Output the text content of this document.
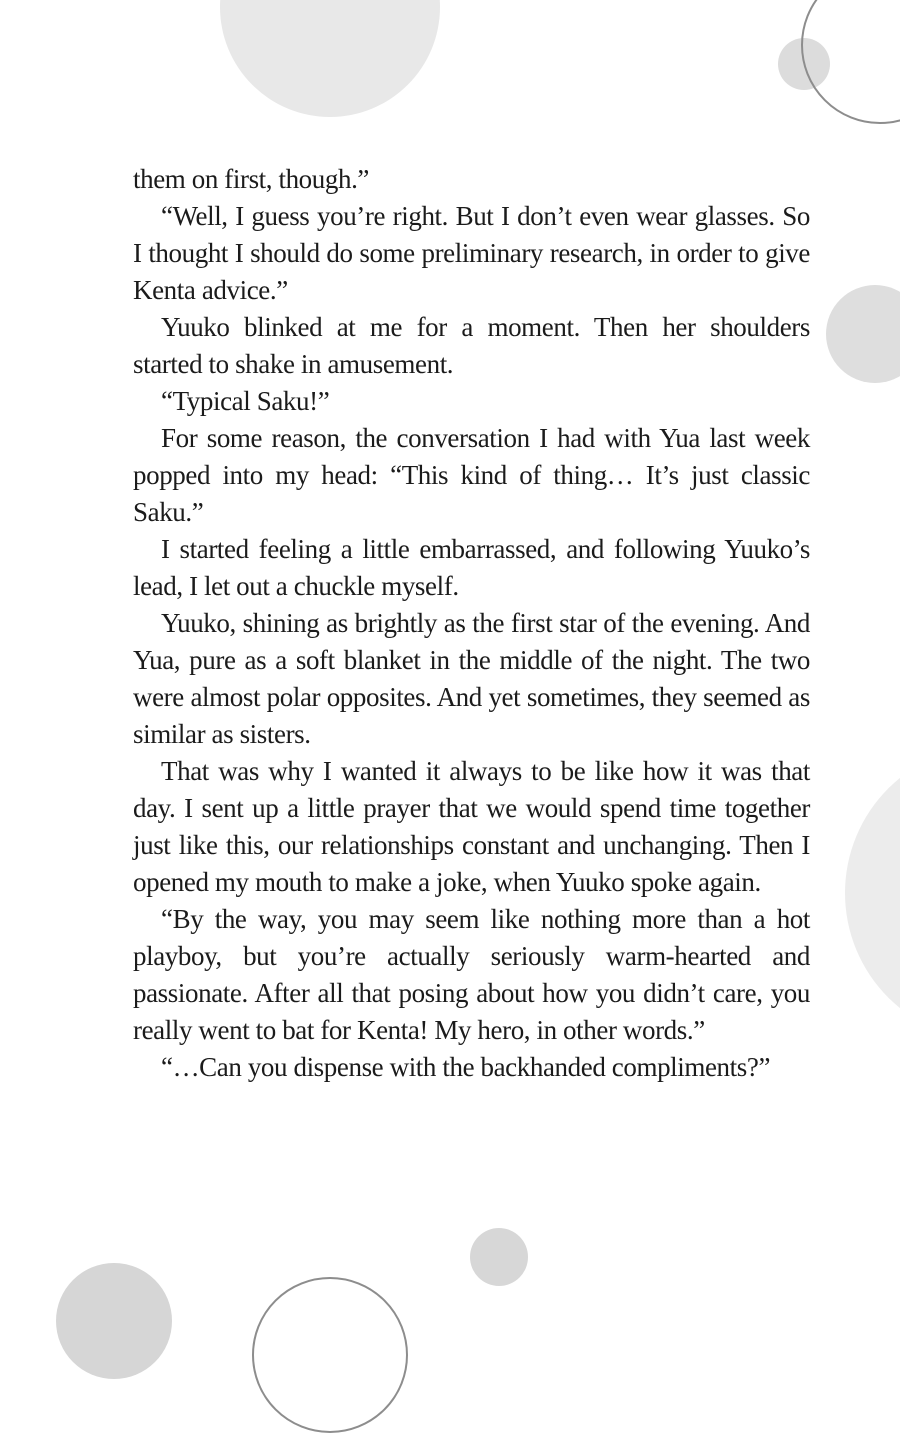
them on first, though.”

“Well, I guess you’re right. But I don’t even wear glasses. So I thought I should do some preliminary research, in order to give Kenta advice.”

Yuuko blinked at me for a moment. Then her shoulders started to shake in amusement.

“Typical Saku!”

For some reason, the conversation I had with Yua last week popped into my head: “This kind of thing… It’s just classic Saku.”

I started feeling a little embarrassed, and following Yuuko’s lead, I let out a chuckle myself.

Yuuko, shining as brightly as the first star of the evening. And Yua, pure as a soft blanket in the middle of the night. The two were almost polar opposites. And yet sometimes, they seemed as similar as sisters.

That was why I wanted it always to be like how it was that day. I sent up a little prayer that we would spend time together just like this, our relationships constant and unchanging. Then I opened my mouth to make a joke, when Yuuko spoke again.

“By the way, you may seem like nothing more than a hot playboy, but you’re actually seriously warm-hearted and passionate. After all that posing about how you didn’t care, you really went to bat for Kenta! My hero, in other words.”

“…Can you dispense with the backhanded compliments?”
